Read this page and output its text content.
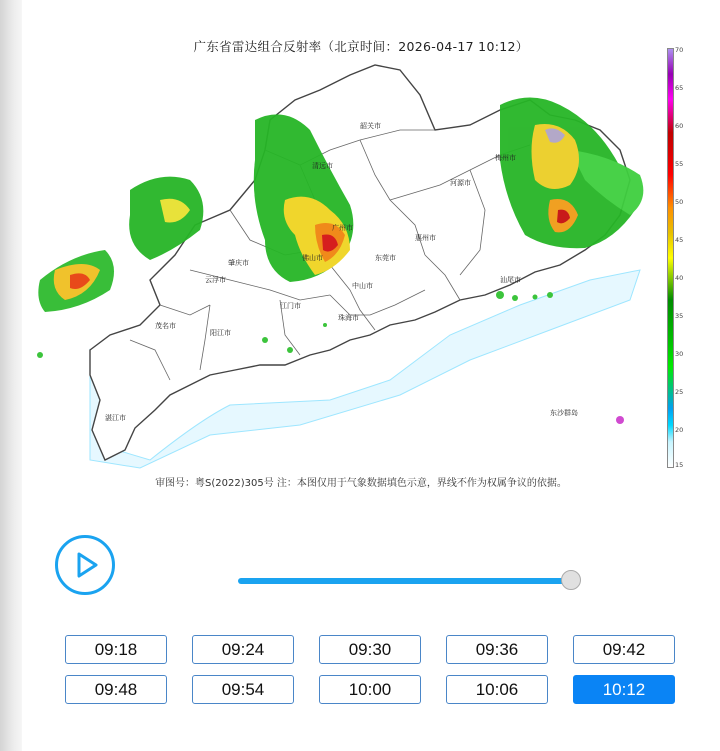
广东省雷达组合反射率（北京时间：2026-04-17 10:12）
韶关市
清远市
河源市
梅州市
广州市
惠州市
东莞市
肇庆市
佛山市
中山市
江门市
珠海市
茂名市
阳江市
云浮市	汕尾市
湛江市
东沙群岛
70
65
60
55
50
45
40
35
30
25
20
15
审图号：粤S(2022)305号 注：本图仅用于气象数据填色示意，界线不作为权属争议的依据。
09:18	09:24	09:30	09:36	09:42
09:48	09:54	10:00	10:06	10:12
